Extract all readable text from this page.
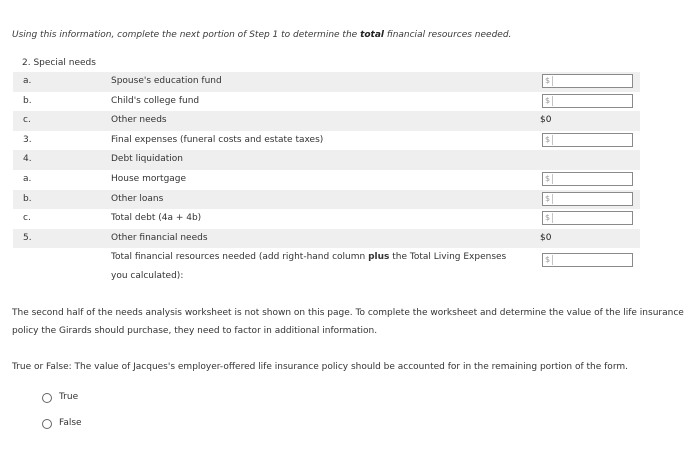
Using this information, complete the next portion of Step 1 to determine the total financial resources needed.
2. Special needs
a.	Spouse's education fund	$
b.	Child's college fund	$
c.	Other needs	$0
3.	Final expenses (funeral costs and estate taxes)	$
4.	Debt liquidation
a.	House mortgage	$
b.	Other loans	$
c.	Total debt (4a + 4b)	$
5.	Other financial needs	$0
Total financial resources needed (add right-hand column plus the Total Living Expenses you calculated):
$
The second half of the needs analysis worksheet is not shown on this page. To complete the worksheet and determine the value of the life insurance policy the Girards should purchase, they need to factor in additional information.
True or False: The value of Jacques's employer-offered life insurance policy should be accounted for in the remaining portion of the form.
True
False
